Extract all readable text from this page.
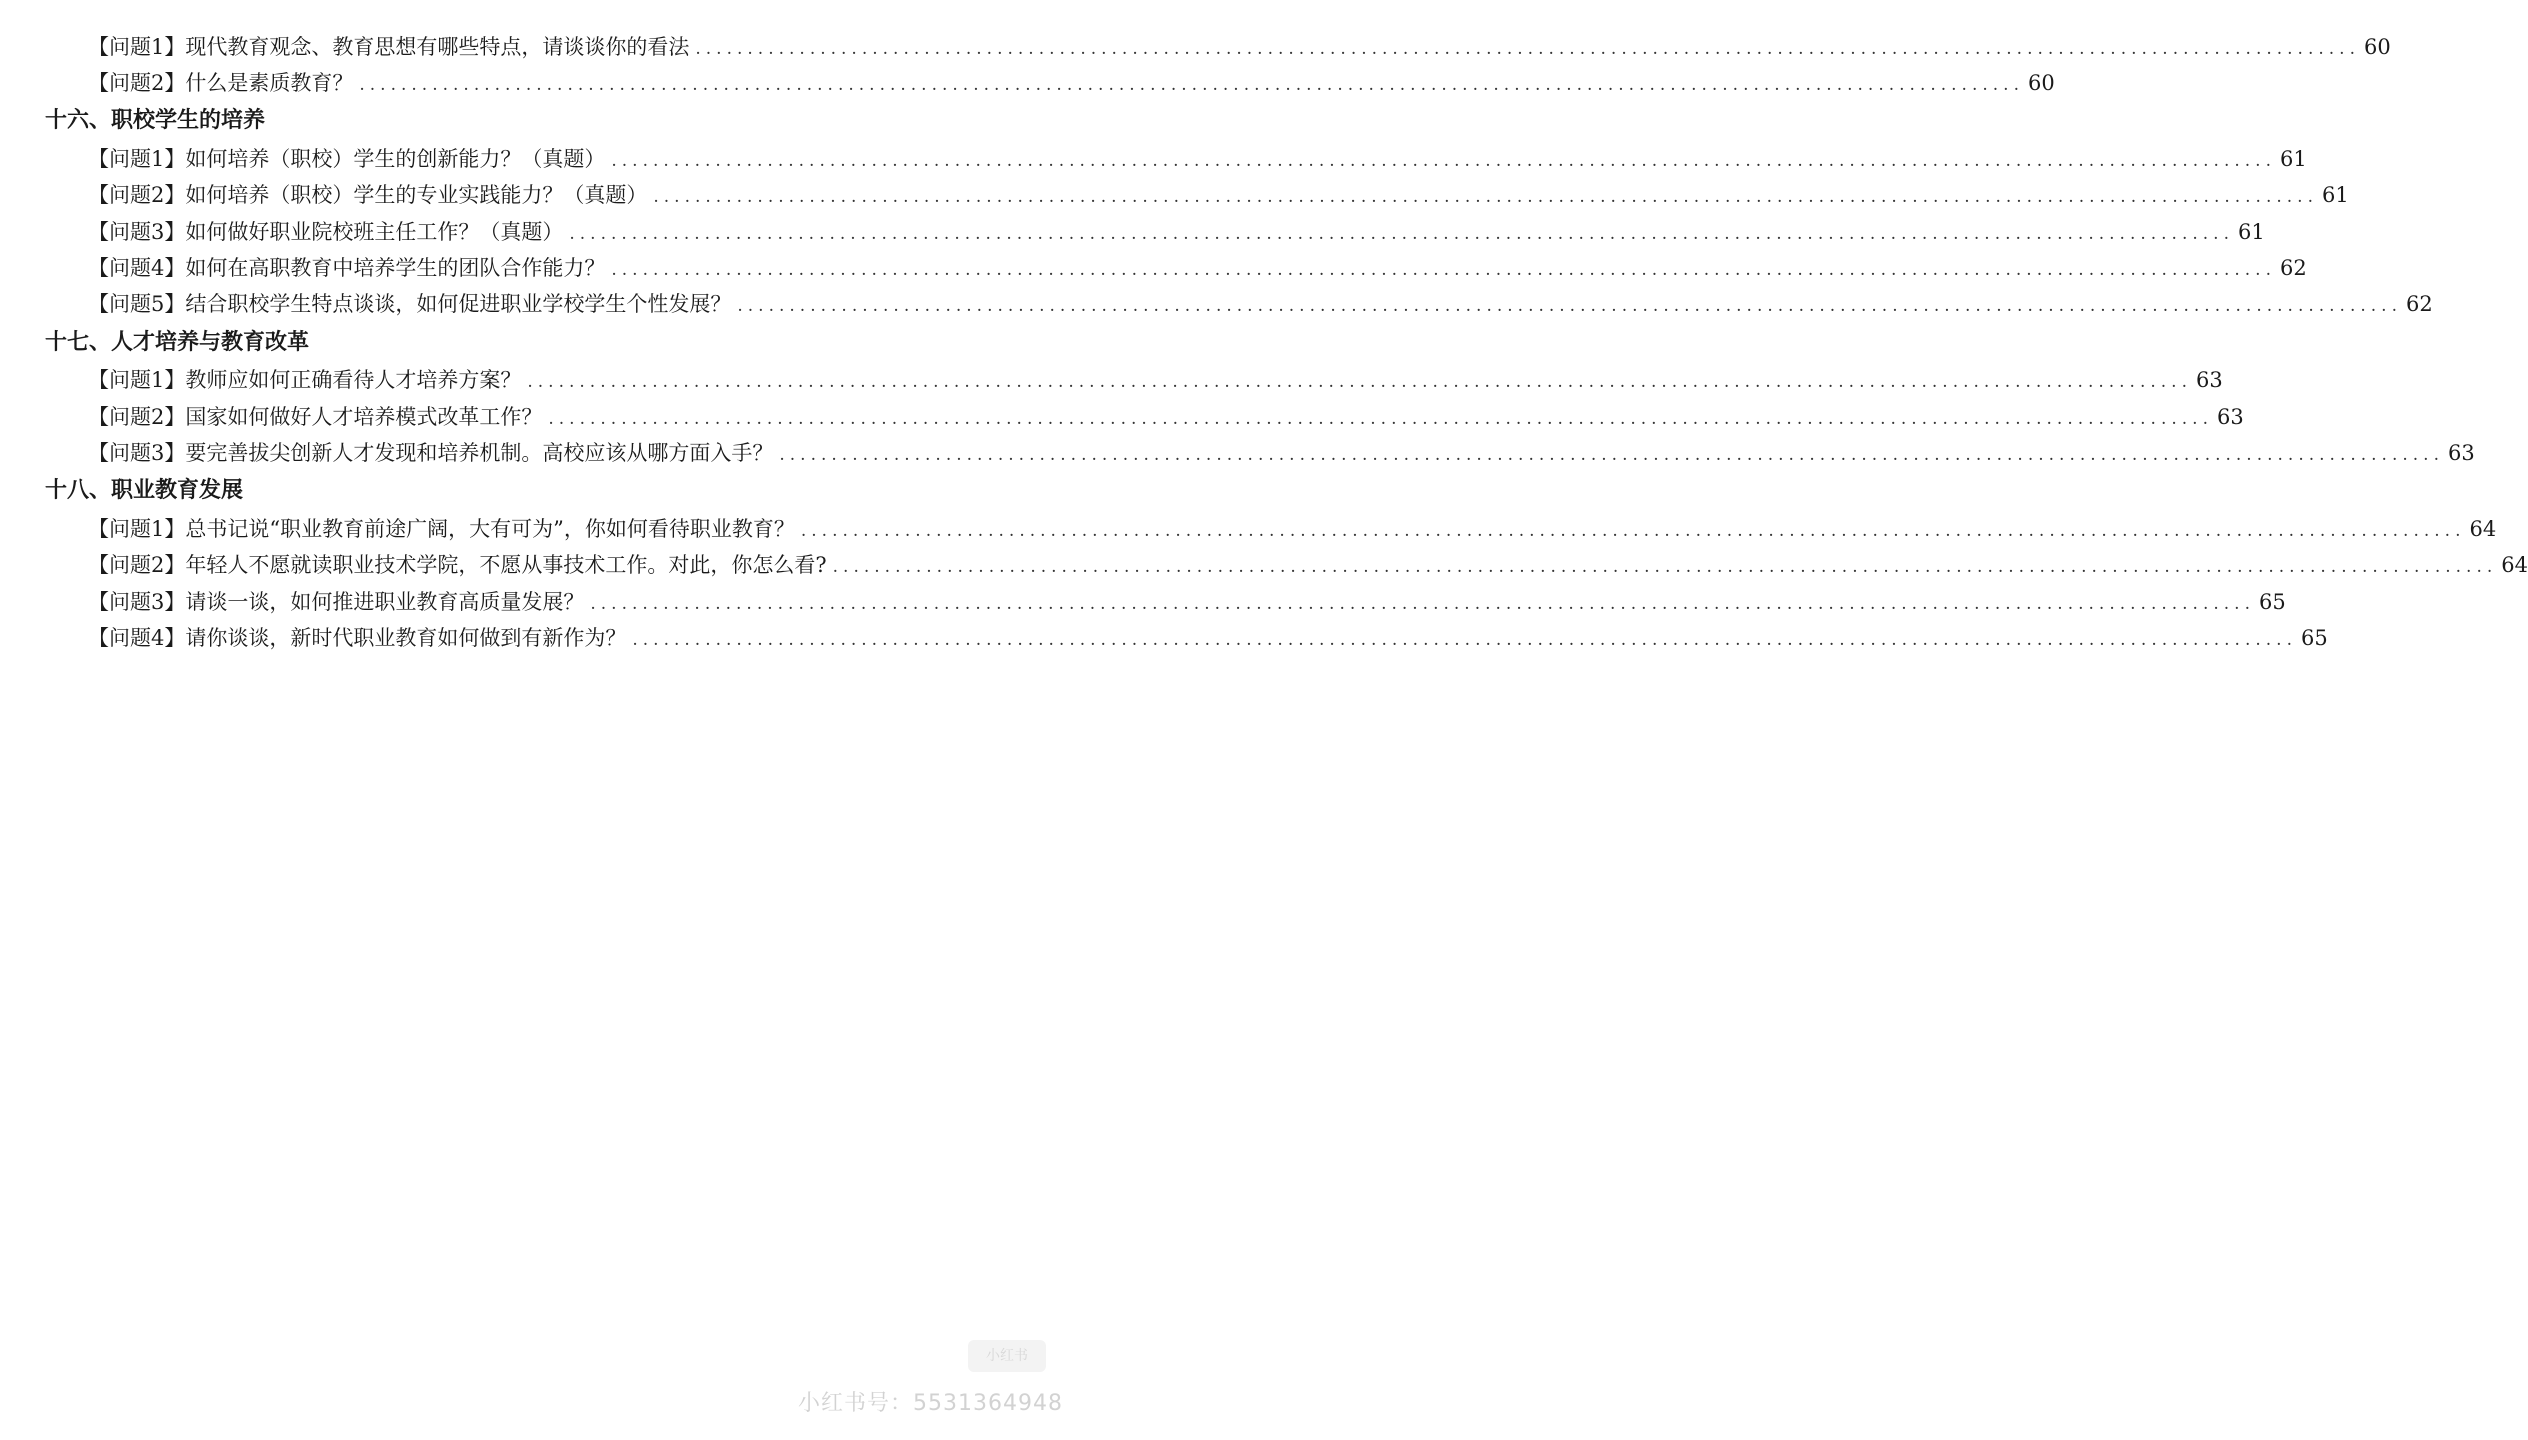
【问题1】 现代教育观念、教育思想有哪些特点，请谈谈你的看法 ................................................................................................................................................................ 60
【问题2】 什么是素质教育？ ................................................................................................................................................................ 60
十六、职校学生的培养
【问题1】 如何培养（职校）学生的创新能力？（真题） ................................................................................................................................................................ 61
【问题2】 如何培养（职校）学生的专业实践能力？（真题） ................................................................................................................................................................ 61
【问题3】 如何做好职业院校班主任工作？（真题） ................................................................................................................................................................ 61
【问题4】 如何在高职教育中培养学生的团队合作能力？ ................................................................................................................................................................ 62
【问题5】 结合职校学生特点谈谈，如何促进职业学校学生个性发展？ ................................................................................................................................................................ 62
十七、人才培养与教育改革
【问题1】 教师应如何正确看待人才培养方案？ ................................................................................................................................................................ 63
【问题2】 国家如何做好人才培养模式改革工作？ ................................................................................................................................................................ 63
【问题3】 要完善拔尖创新人才发现和培养机制。高校应该从哪方面入手？ ................................................................................................................................................................ 63
十八、职业教育发展
【问题1】 总书记说“职业教育前途广阔，大有可为”，你如何看待职业教育？ ................................................................................................................................................................ 64
【问题2】 年轻人不愿就读职业技术学院，不愿从事技术工作。对此，你怎么看? ................................................................................................................................................................ 64
【问题3】 请谈一谈，如何推进职业教育高质量发展？ ................................................................................................................................................................ 65
【问题4】 请你谈谈，新时代职业教育如何做到有新作为？ ................................................................................................................................................................ 65
小红书
小红书号：5531364948
